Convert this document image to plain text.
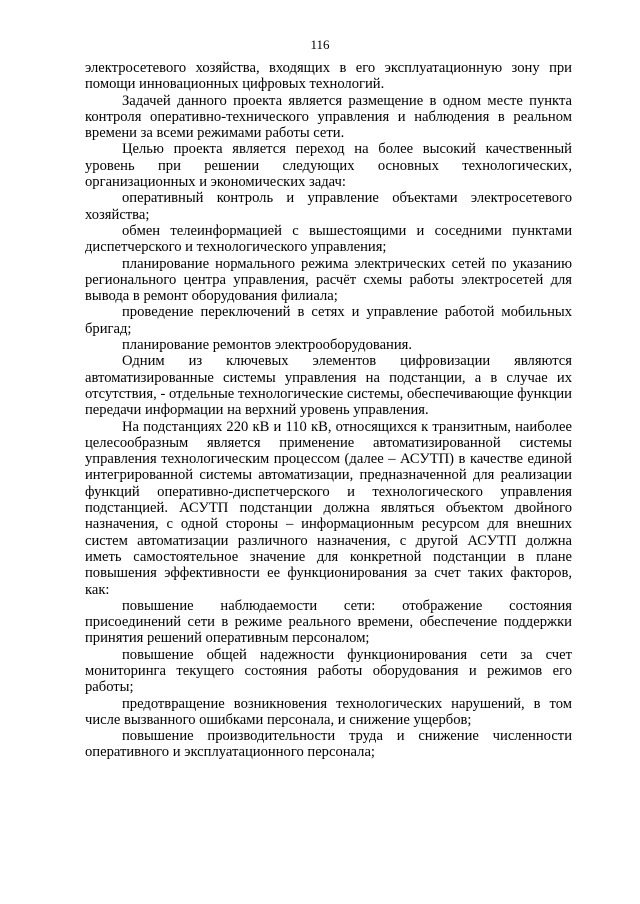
116

электросетевого хозяйства, входящих в его эксплуатационную зону при помощи инновационных цифровых технологий.

Задачей данного проекта является размещение в одном месте пункта контроля оперативно-технического управления и наблюдения в реальном времени за всеми режимами работы сети.

Целью проекта является переход на более высокий качественный уровень при решении следующих основных технологических, организационных и экономических задач:

оперативный контроль и управление объектами электросетевого хозяйства;

обмен телеинформацией с вышестоящими и соседними пунктами диспетчерского и технологического управления;

планирование нормального режима электрических сетей по указанию регионального центра управления, расчёт схемы работы электросетей для вывода в ремонт оборудования филиала;

проведение переключений в сетях и управление работой мобильных бригад;

планирование ремонтов электрооборудования.

Одним из ключевых элементов цифровизации являются автоматизированные системы управления на подстанции, а в случае их отсутствия, - отдельные технологические системы, обеспечивающие функции передачи информации на верхний уровень управления.

На подстанциях 220 кВ и 110 кВ, относящихся к транзитным, наиболее целесообразным является применение автоматизированной системы управления технологическим процессом (далее – АСУТП) в качестве единой интегрированной системы автоматизации, предназначенной для реализации функций оперативно-диспетчерского и технологического управления подстанцией. АСУТП подстанции должна являться объектом двойного назначения, с одной стороны – информационным ресурсом для внешних систем автоматизации различного назначения, с другой АСУТП должна иметь самостоятельное значение для конкретной подстанции в плане повышения эффективности ее функционирования за счет таких факторов, как:

повышение наблюдаемости сети: отображение состояния присоединений сети в режиме реального времени, обеспечение поддержки принятия решений оперативным персоналом;

повышение общей надежности функционирования сети за счет мониторинга текущего состояния работы оборудования и режимов его работы;

предотвращение возникновения технологических нарушений, в том числе вызванного ошибками персонала, и снижение ущербов;

повышение производительности труда и снижение численности оперативного и эксплуатационного персонала;
